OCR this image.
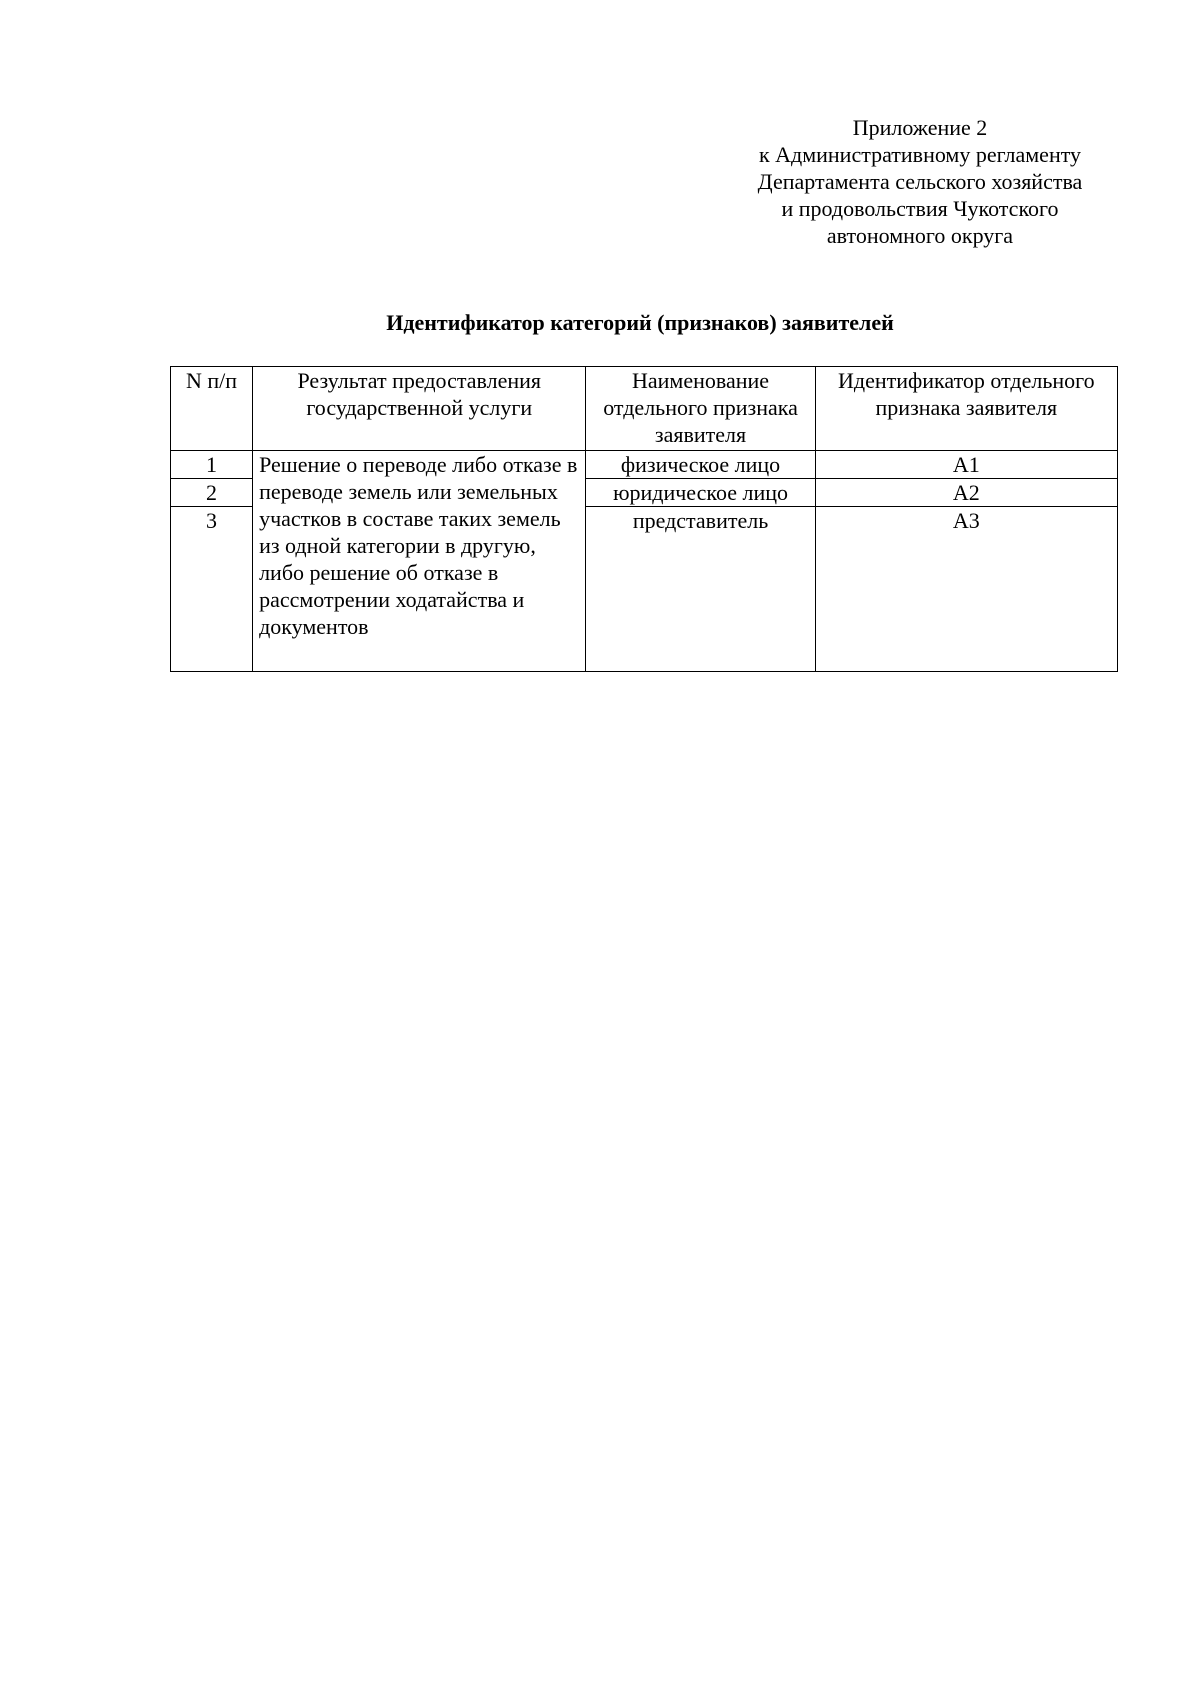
Приложение 2
к Административному регламенту
Департамента сельского хозяйства
и продовольствия Чукотского
автономного округа
Идентификатор категорий (признаков) заявителей
N п/п	Результат предоставления государственной услуги	Наименование отдельного признака заявителя	Идентификатор отдельного признака заявителя
1	Решение о переводе либо отказе в переводе земель или земельных участков в составе таких земель из одной категории в другую, либо решение об отказе в рассмотрении ходатайства и документов	физическое лицо	А1
2		юридическое лицо	А2
3		представитель	А3
